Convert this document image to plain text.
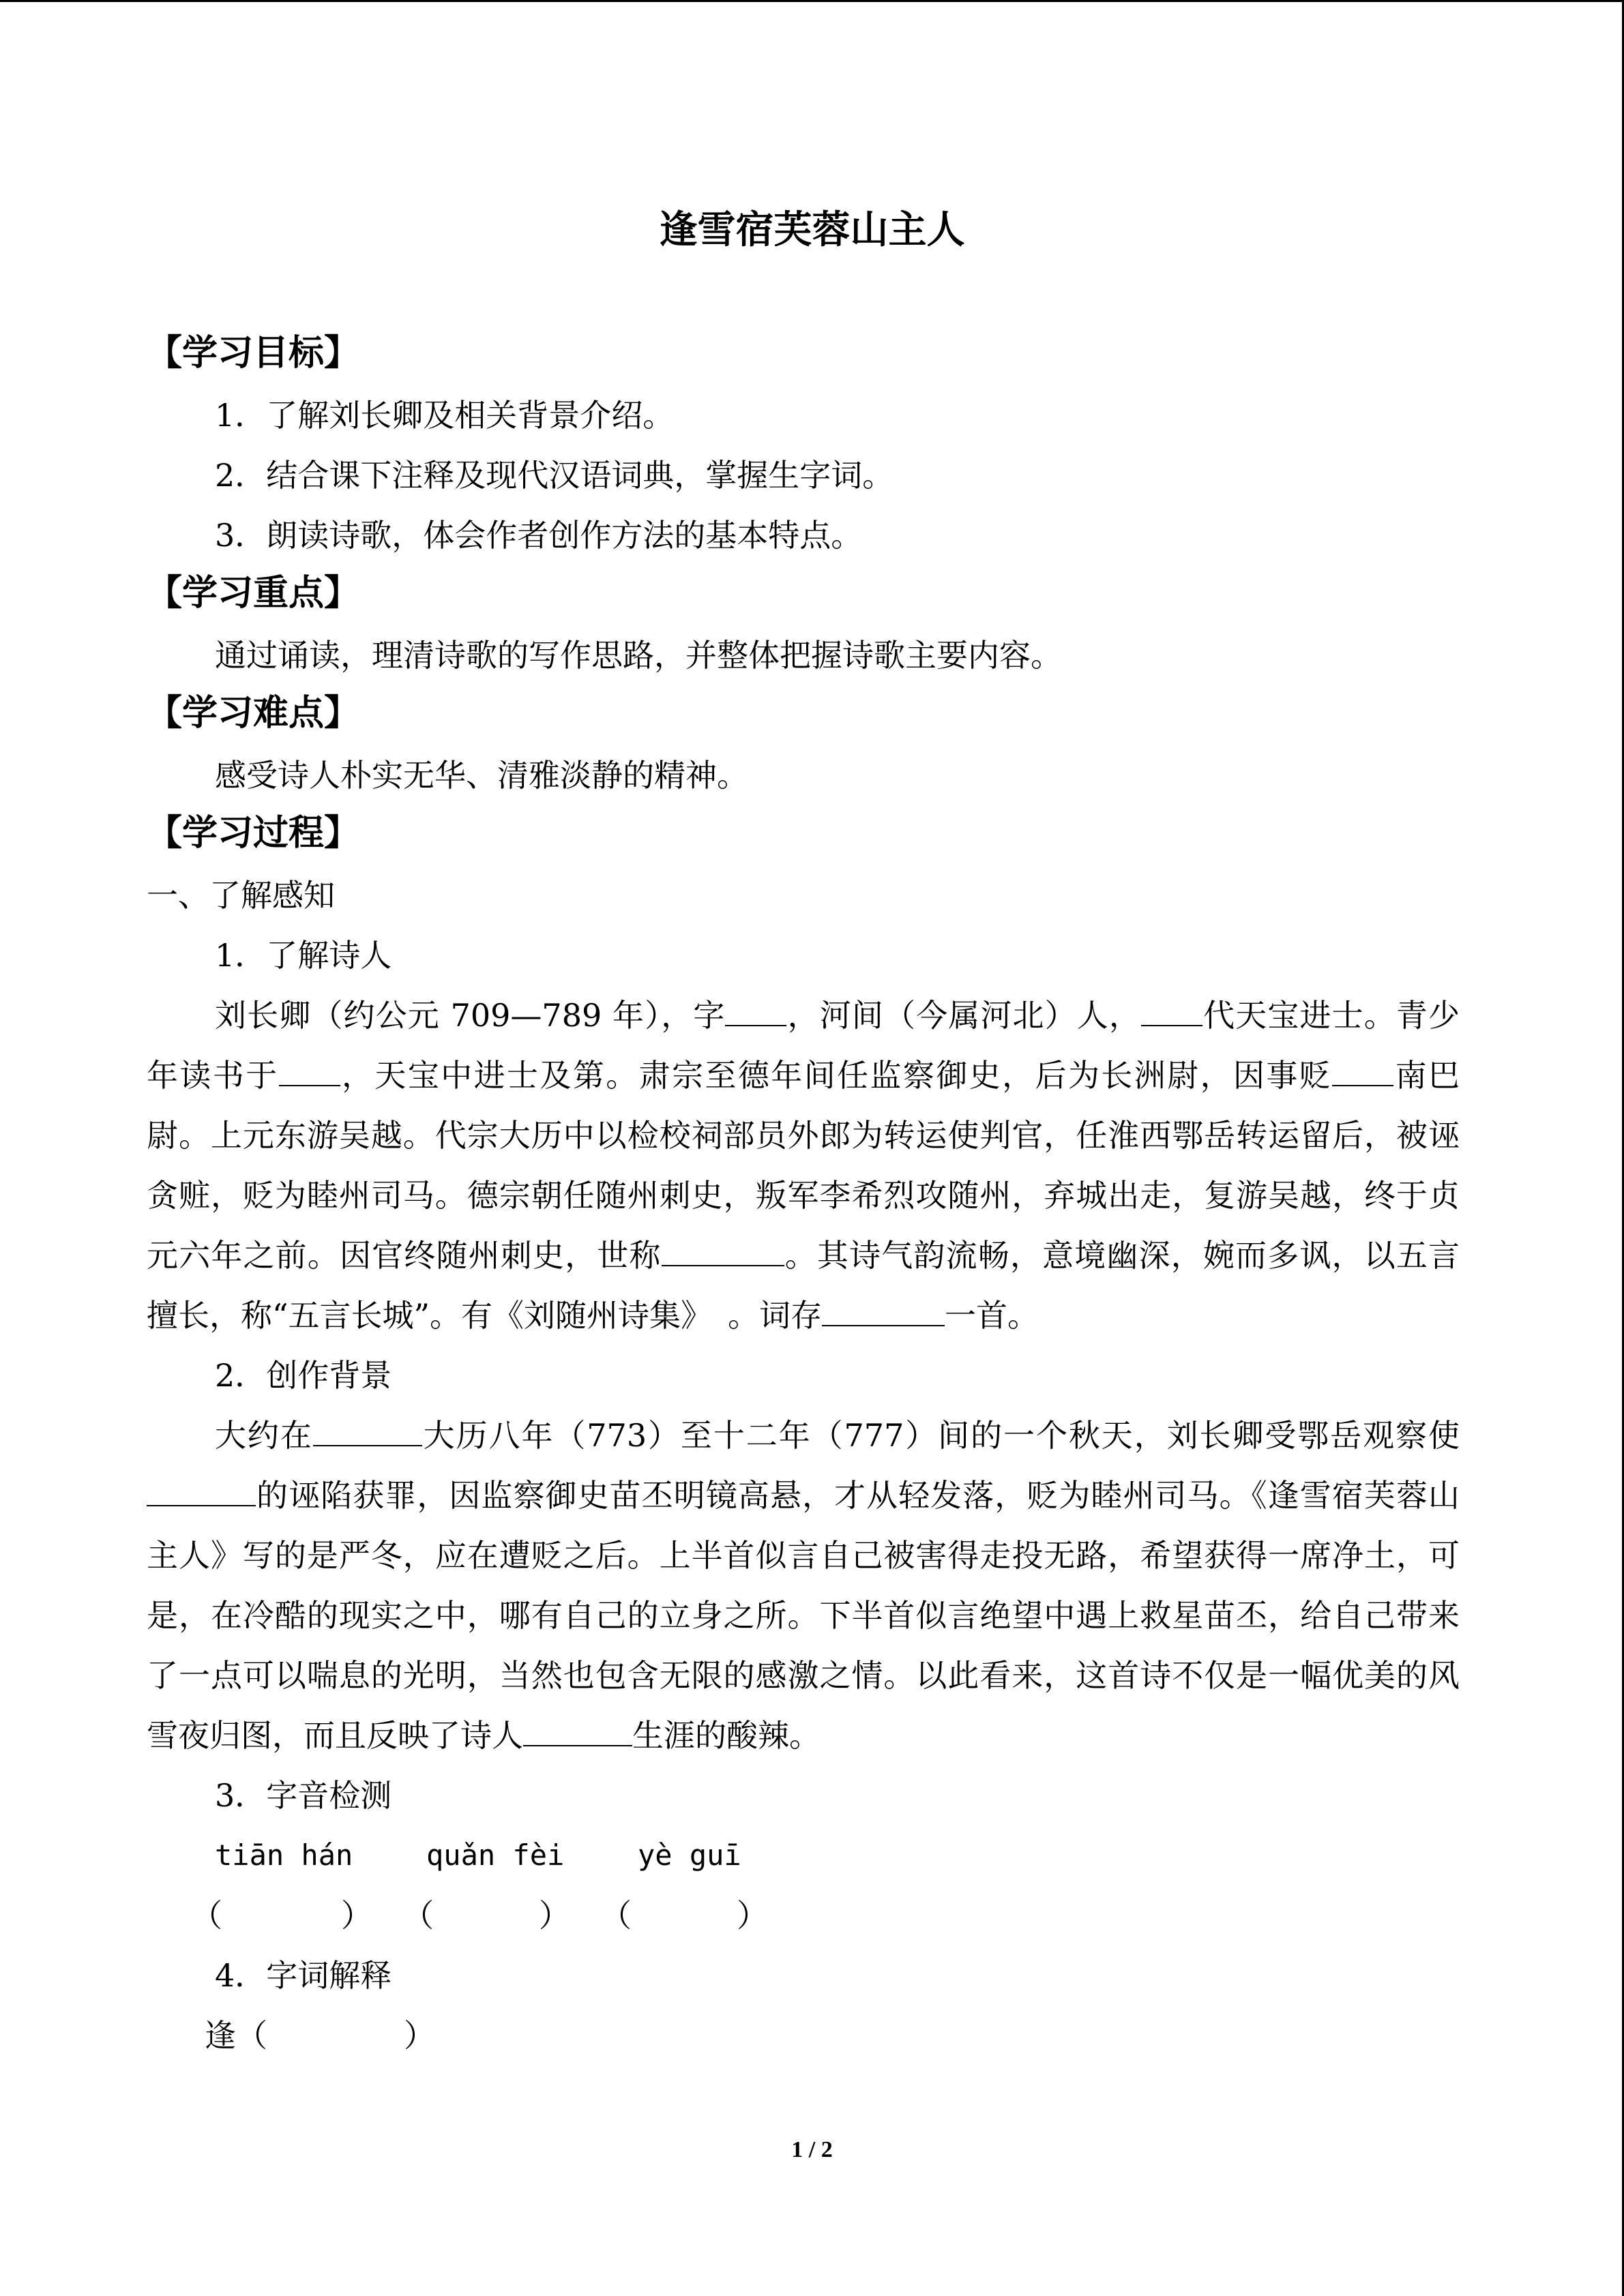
逢雪宿芙蓉山主人
【学习目标】
1．了解刘长卿及相关背景介绍。
2．结合课下注释及现代汉语词典，掌握生字词。
3．朗读诗歌，体会作者创作方法的基本特点。
【学习重点】
通过诵读，理清诗歌的写作思路，并整体把握诗歌主要内容。
【学习难点】
感受诗人朴实无华、清雅淡静的精神。
【学习过程】
一、了解感知
1．了解诗人
刘长卿（约公元 709—789 年），字 ，河间（今属河北）人， 代天宝进士。青少年读书于 ，天宝中进士及第。肃宗至德年间任监察御史，后为长洲尉，因事贬 南巴尉。上元东游吴越。代宗大历中以检校祠部员外郎为转运使判官，任淮西鄂岳转运留后，被诬贪赃，贬为睦州司马。德宗朝任随州刺史，叛军李希烈攻随州，弃城出走，复游吴越，终于贞元六年之前。因官终随州刺史，世称	。其诗气韵流畅，意境幽深，婉而多讽，以五言擅长，称“五言长城”。有《刘随州诗集》　。词存	一首。
2．创作背景
大约在	大历八年（773）至十二年（777）间的一个秋天，刘长卿受鄂岳观察使的诬陷获罪，因监察御史苗丕明镜高悬，才从轻发落，贬为睦州司马。《逢雪宿芙蓉山主人》写的是严冬，应在遭贬之后。上半首似言自己被害得走投无路，希望获得一席净土，可是，在冷酷的现实之中，哪有自己的立身之所。下半首似言绝望中遇上救星苗丕，给自己带来了一点可以喘息的光明，当然也包含无限的感激之情。以此看来，这首诗不仅是一幅优美的风雪夜归图，而且反映了诗人	生涯的酸辣。
3．字音检测
tiān hán	quǎn fèi	yè guī
（	） （	） （	）
4．字词解释
逢（	）
1 / 2
